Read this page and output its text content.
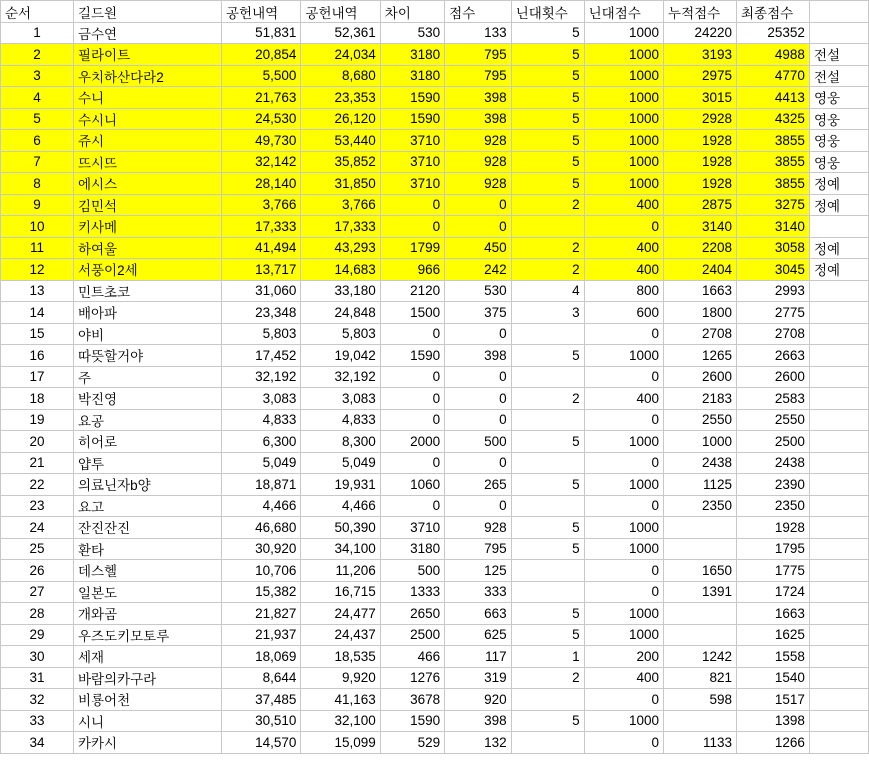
순서	길드원	공헌내역	공헌내역	차이	점수	닌대횟수	닌대점수	누적점수	최종점수	
1	금수연	51,831	52,361	530	133	5	1000	24220	25352	
2	필라이트	20,854	24,034	3180	795	5	1000	3193	4988	전설
3	우치하산다라2	5,500	8,680	3180	795	5	1000	2975	4770	전설
4	수니	21,763	23,353	1590	398	5	1000	3015	4413	영웅
5	수시니	24,530	26,120	1590	398	5	1000	2928	4325	영웅
6	쥬시	49,730	53,440	3710	928	5	1000	1928	3855	영웅
7	뜨시뜨	32,142	35,852	3710	928	5	1000	1928	3855	영웅
8	에시스	28,140	31,850	3710	928	5	1000	1928	3855	정예
9	김민석	3,766	3,766	0	0	2	400	2875	3275	정예
10	키사메	17,333	17,333	0	0		0	3140	3140	
11	하여울	41,494	43,293	1799	450	2	400	2208	3058	정예
12	서풍이2세	13,717	14,683	966	242	2	400	2404	3045	정예
13	민트초코	31,060	33,180	2120	530	4	800	1663	2993	
14	배아파	23,348	24,848	1500	375	3	600	1800	2775	
15	야비	5,803	5,803	0	0		0	2708	2708	
16	따뜻할거야	17,452	19,042	1590	398	5	1000	1265	2663	
17	주	32,192	32,192	0	0		0	2600	2600	
18	박진영	3,083	3,083	0	0	2	400	2183	2583	
19	요공	4,833	4,833	0	0		0	2550	2550	
20	히어로	6,300	8,300	2000	500	5	1000	1000	2500	
21	얍투	5,049	5,049	0	0		0	2438	2438	
22	의료닌자b양	18,871	19,931	1060	265	5	1000	1125	2390	
23	요고	4,466	4,466	0	0		0	2350	2350	
24	잔진잔진	46,680	50,390	3710	928	5	1000		1928	
25	환타	30,920	34,100	3180	795	5	1000		1795	
26	데스헬	10,706	11,206	500	125		0	1650	1775	
27	일본도	15,382	16,715	1333	333		0	1391	1724	
28	개와곰	21,827	24,477	2650	663	5	1000		1663	
29	우즈도키모토루	21,937	24,437	2500	625	5	1000		1625	
30	세재	18,069	18,535	466	117	1	200	1242	1558	
31	바람의카구라	8,644	9,920	1276	319	2	400	821	1540	
32	비룡어천	37,485	41,163	3678	920		0	598	1517	
33	시니	30,510	32,100	1590	398	5	1000		1398	
34	카카시	14,570	15,099	529	132		0	1133	1266	
